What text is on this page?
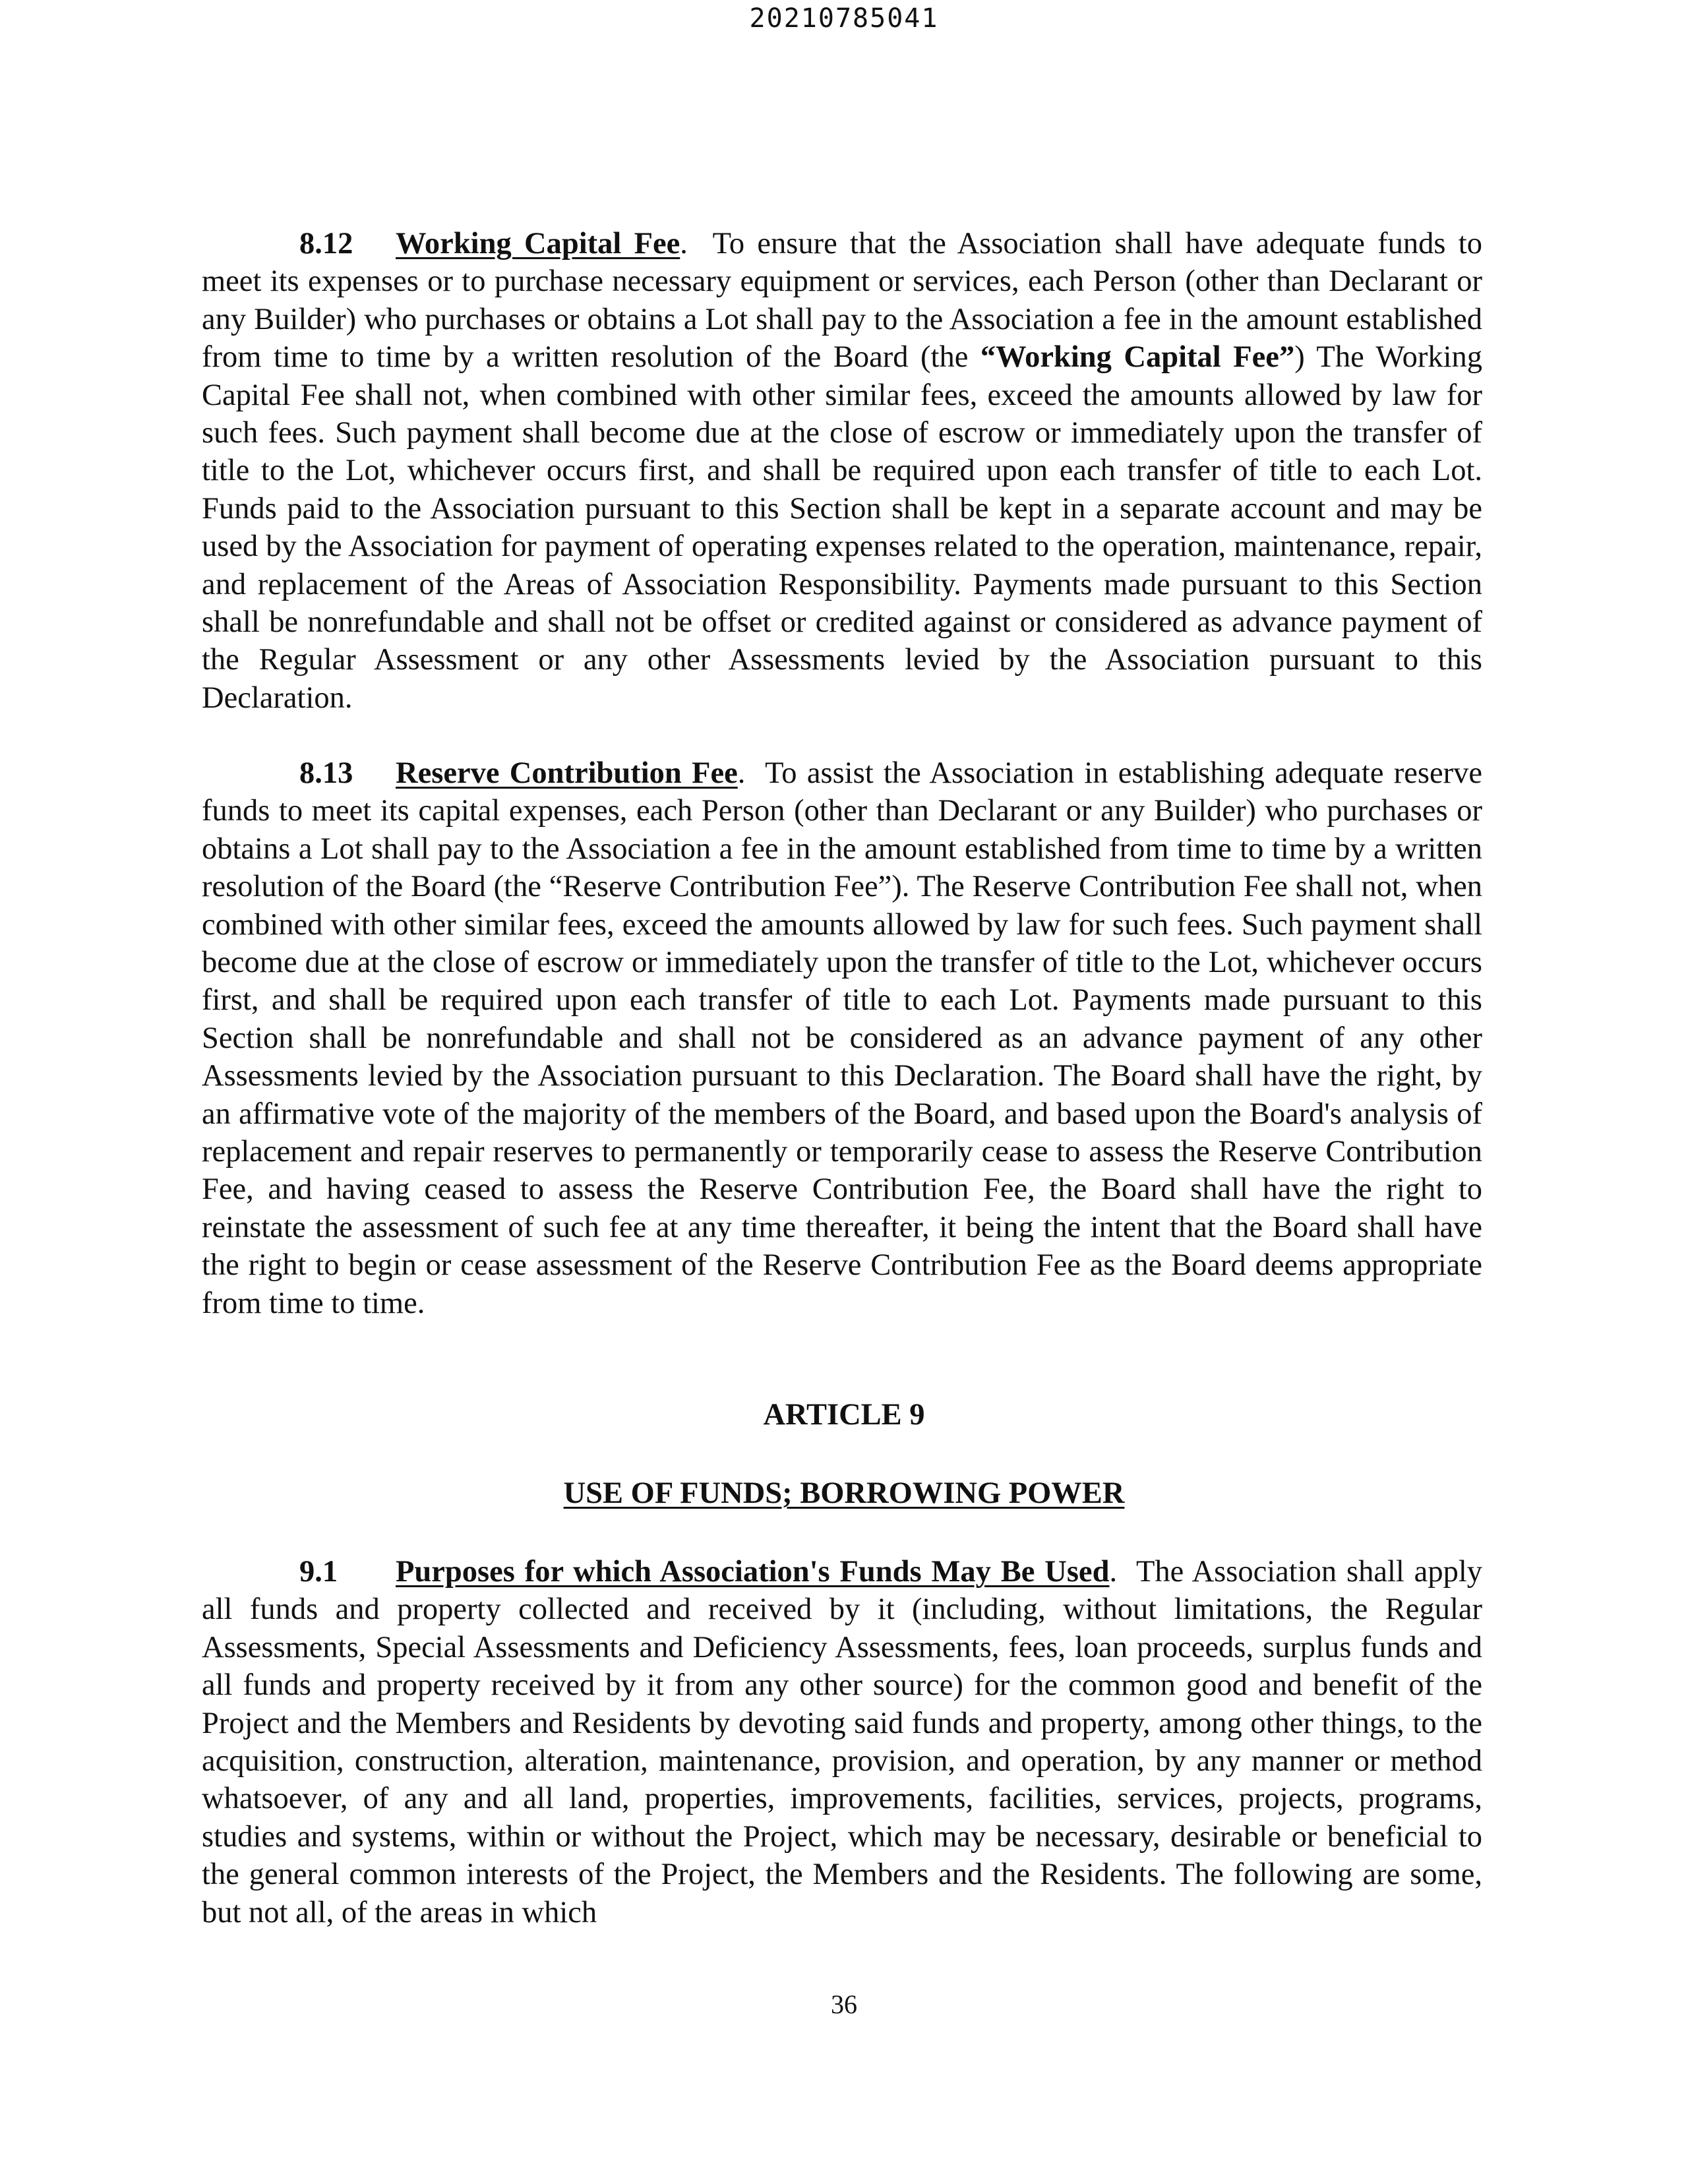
20210785041

8.12 Working Capital Fee. To ensure that the Association shall have adequate funds to meet its expenses or to purchase necessary equipment or services, each Person (other than Declarant or any Builder) who purchases or obtains a Lot shall pay to the Association a fee in the amount established from time to time by a written resolution of the Board (the “Working Capital Fee”) The Working Capital Fee shall not, when combined with other similar fees, exceed the amounts allowed by law for such fees. Such payment shall become due at the close of escrow or immediately upon the transfer of title to the Lot, whichever occurs first, and shall be required upon each transfer of title to each Lot. Funds paid to the Association pursuant to this Section shall be kept in a separate account and may be used by the Association for payment of operating expenses related to the operation, maintenance, repair, and replacement of the Areas of Association Responsibility. Payments made pursuant to this Section shall be nonrefundable and shall not be offset or credited against or considered as advance payment of the Regular Assessment or any other Assessments levied by the Association pursuant to this Declaration.

8.13 Reserve Contribution Fee. To assist the Association in establishing adequate reserve funds to meet its capital expenses, each Person (other than Declarant or any Builder) who purchases or obtains a Lot shall pay to the Association a fee in the amount established from time to time by a written resolution of the Board (the “Reserve Contribution Fee”). The Reserve Contribution Fee shall not, when combined with other similar fees, exceed the amounts allowed by law for such fees. Such payment shall become due at the close of escrow or immediately upon the transfer of title to the Lot, whichever occurs first, and shall be required upon each transfer of title to each Lot. Payments made pursuant to this Section shall be nonrefundable and shall not be considered as an advance payment of any other Assessments levied by the Association pursuant to this Declaration. The Board shall have the right, by an affirmative vote of the majority of the members of the Board, and based upon the Board's analysis of replacement and repair reserves to permanently or temporarily cease to assess the Reserve Contribution Fee, and having ceased to assess the Reserve Contribution Fee, the Board shall have the right to reinstate the assessment of such fee at any time thereafter, it being the intent that the Board shall have the right to begin or cease assessment of the Reserve Contribution Fee as the Board deems appropriate from time to time.

ARTICLE 9
USE OF FUNDS; BORROWING POWER

9.1 Purposes for which Association's Funds May Be Used. The Association shall apply all funds and property collected and received by it (including, without limitations, the Regular Assessments, Special Assessments and Deficiency Assessments, fees, loan proceeds, surplus funds and all funds and property received by it from any other source) for the common good and benefit of the Project and the Members and Residents by devoting said funds and property, among other things, to the acquisition, construction, alteration, maintenance, provision, and operation, by any manner or method whatsoever, of any and all land, properties, improvements, facilities, services, projects, programs, studies and systems, within or without the Project, which may be necessary, desirable or beneficial to the general common interests of the Project, the Members and the Residents. The following are some, but not all, of the areas in which

36
